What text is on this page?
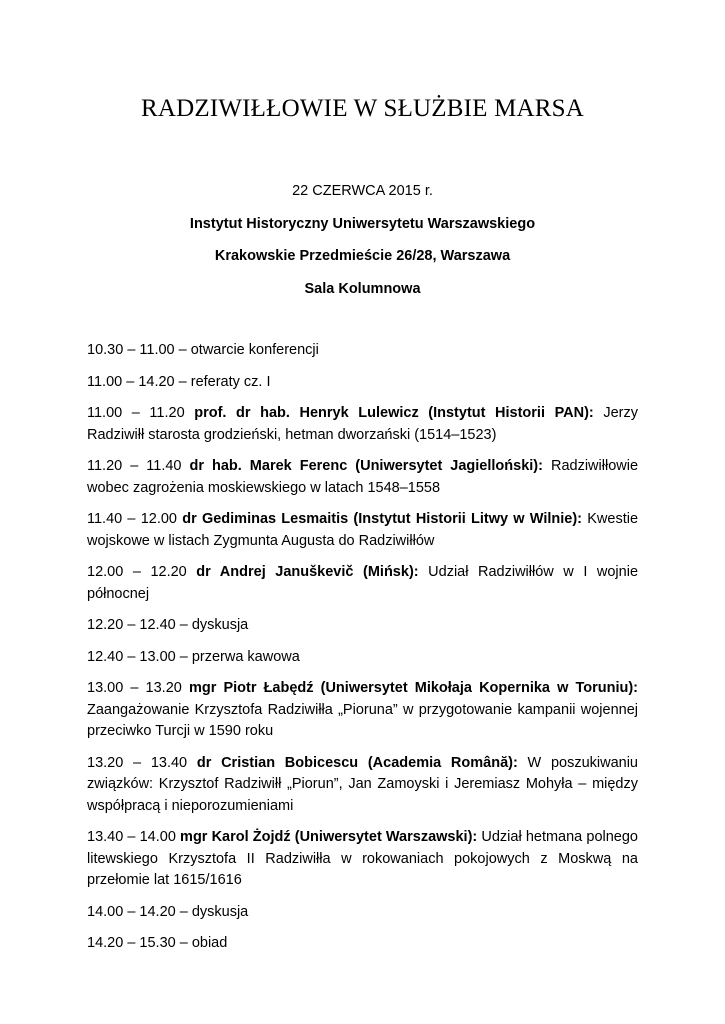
RADZIWIŁŁOWIE W SŁUŻBIE MARSA
22 CZERWCA 2015 r.
Instytut Historyczny Uniwersytetu Warszawskiego
Krakowskie Przedmieście 26/28, Warszawa
Sala Kolumnowa

10.30 – 11.00 – otwarcie konferencji

11.00 – 14.20 – referaty cz. I

11.00 – 11.20 prof. dr hab. Henryk Lulewicz (Instytut Historii PAN): Jerzy Radziwiłł starosta grodzieński, hetman dworzański (1514–1523)

11.20 – 11.40 dr hab. Marek Ferenc (Uniwersytet Jagielloński): Radziwiłłowie wobec zagrożenia moskiewskiego w latach 1548–1558

11.40 – 12.00 dr Gediminas Lesmaitis (Instytut Historii Litwy w Wilnie): Kwestie wojskowe w listach Zygmunta Augusta do Radziwiłłów

12.00 – 12.20 dr Andrej Januškevič (Mińsk): Udział Radziwiłłów w I wojnie północnej

12.20 – 12.40 – dyskusja

12.40 – 13.00 – przerwa kawowa

13.00 – 13.20 mgr Piotr Łabędź (Uniwersytet Mikołaja Kopernika w Toruniu): Zaangażowanie Krzysztofa Radziwiłła „Pioruna” w przygotowanie kampanii wojennej przeciwko Turcji w 1590 roku

13.20 – 13.40 dr Cristian Bobicescu (Academia Română): W poszukiwaniu związków: Krzysztof Radziwiłł „Piorun”, Jan Zamoyski i Jeremiasz Mohyła – między współpracą i nieporozumieniami

13.40 – 14.00 mgr Karol Żojdź (Uniwersytet Warszawski): Udział hetmana polnego litewskiego Krzysztofa II Radziwiłła w rokowaniach pokojowych z Moskwą na przełomie lat 1615/1616

14.00 – 14.20 – dyskusja

14.20 – 15.30 – obiad
